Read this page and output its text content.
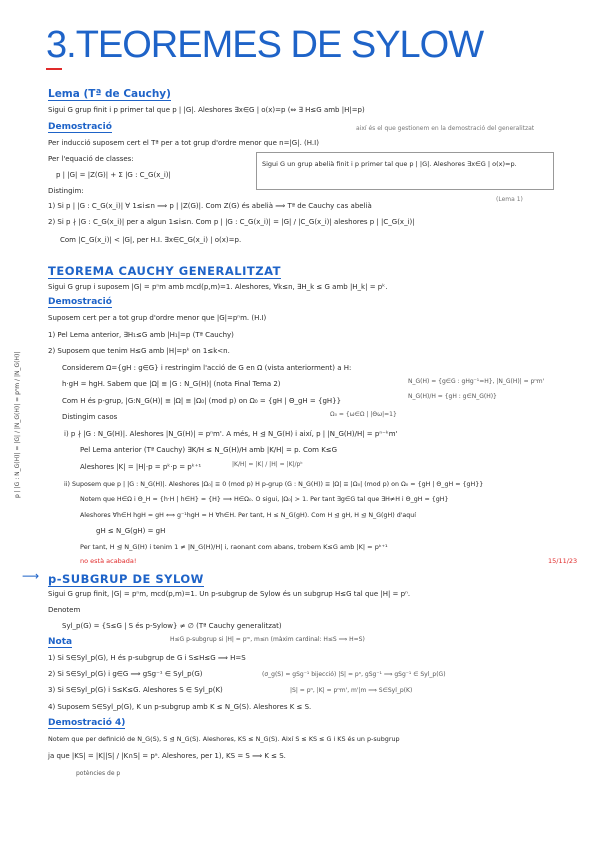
3.TEOREMES DE SYLOW
Lema (Tª de Cauchy)
Sigui G grup finit i p primer tal que p | |G|. Aleshores ∃x∈G | o(x)=p (⇔ ∃ H≤G amb |H|=p)
Demostració	així és el que gestionem en la demostració del generalitzat
Per inducció suposem cert el Tª per a tot grup d'ordre menor que n=|G|. (H.I)
Per l'equació de classes:
p | |G| = |Z(G)| + Σ |G : C_G(x_i)|
Sigui G un grup abelià finit i p primer tal que p | |G|. Aleshores ∃x∈G | o(x)=p.
(Lema 1)
Distingim:
1) Si p | |G : C_G(x_i)| ∀ 1≤i≤n ⟹ p | |Z(G)|. Com Z(G) és abelià ⟹ Tª de Cauchy cas abelià
2) Si p ∤ |G : C_G(x_i)| per a algun 1≤i≤n. Com p | |G : C_G(x_i)| = |G| / |C_G(x_i)| aleshores p | |C_G(x_i)|
Com |C_G(x_i)| < |G|, per H.I. ∃x∈C_G(x_i) | o(x)=p.
TEOREMA CAUCHY GENERALITZAT
Sigui G grup i suposem |G| = pⁿm amb mcd(p,m)=1. Aleshores, ∀k≤n, ∃H_k ≤ G amb |H_k| = pᵏ.
Demostració
Suposem cert per a tot grup d'ordre menor que |G|=pⁿm. (H.I)
1) Pel Lema anterior, ∃H₁≤G amb |H₁|=p (Tª Cauchy)
2) Suposem que tenim H≤G amb |H|=pᵏ on 1≤k<n.
Considerem Ω={gH : g∈G} i restringim l'acció de G en Ω (vista anteriorment) a H:
h·gH = hgH. Sabem que |Ω| ≡ |G : N_G(H)| (nota Final Tema 2)
Com H és p-grup, |G:N_G(H)| ≡ |Ω| ≡ |Ω₀| (mod p) on Ω₀ = {gH | Θ_gH = {gH}}
N_G(H) = {g∈G : gHg⁻¹=H}, |N_G(H)| = pⁿm'
N_G(H)/H = {gH : g∈N_G(H)}
Ω₀ = {ω∈Ω | |Θω|=1}
Distingim casos
i) p ∤ |G : N_G(H)|. Aleshores |N_G(H)| = pⁿm'. A més, H ⊴ N_G(H) i així, p | |N_G(H)/H| = pⁿ⁻ᵏm'
Pel Lema anterior (Tª Cauchy) ∃K/H ≤ N_G(H)/H amb |K/H| = p. Com K≤G
Aleshores |K| = |H|·p = pᵏ·p = pᵏ⁺¹	|K/H| = |K| / |H| = |K|/pᵏ
ii) Suposem que p | |G : N_G(H)|. Aleshores |Ω₀| ≡ 0 (mod p) H p-grup (G : N_G(H)) ≡ |Ω| ≡ |Ω₀| (mod p) on Ω₀ = {gH | Θ_gH = {gH}}
Notem que H∈Ω i Θ_H = {h·H | h∈H} = {H} ⟹ H∈Ω₀. O sigui, |Ω₀| > 1. Per tant ∃g∈G tal que ∃H≠H i Θ_gH = {gH}
Aleshores ∀h∈H hgH = gH ⟺ g⁻¹hgH = H ∀h∈H. Per tant, H ≤ N_G(gH). Com H ⊴ gH, H ⊴ N_G(gH) d'aquí
gH ≤ N_G(gH) = gH
Per tant, H ⊴ N_G(H) i tenim 1 ≠ |N_G(H)/H| i, raonant com abans, trobem K≤G amb |K| = pᵏ⁺¹
no està acabada!	15/11/23
p | |G : N_G(H)| = |G| / |N_G(H)| = pⁿm / |N_G(H)|
⟶ p-SUBGRUP DE SYLOW
Sigui G grup finit, |G| = pⁿm, mcd(p,m)=1. Un p-subgrup de Sylow és un subgrup H≤G tal que |H| = pⁿ.
Denotem
Syl_p(G) = {S≤G | S és p-Sylow} ≠ ∅ (Tª Cauchy generalitzat)
Nota	H≤G p-subgrup si |H| = pᵐ, m≤n (màxim cardinal: H≤S ⟹ H=S)
1) Si S∈Syl_p(G), H és p-subgrup de G i S≤H≤G ⟹ H=S
2) Si S∈Syl_p(G) i g∈G ⟹ gSg⁻¹ ∈ Syl_p(G)	(σ_g(S) = gSg⁻¹ bijecció) |S| = pⁿ, gSg⁻¹ ⟹ gSg⁻¹ ∈ Syl_p(G)
3) Si S∈Syl_p(G) i S≤K≤G. Aleshores S ∈ Syl_p(K)	|S| = pⁿ, |K| = pⁿm', m'|m ⟹ S∈Syl_p(K)
4) Suposem S∈Syl_p(G), K un p-subgrup amb K ≤ N_G(S). Aleshores K ≤ S.
Demostració 4)
Notem que per definició de N_G(S), S ⊴ N_G(S). Aleshores, KS ≤ N_G(S). Així S ≤ KS ≤ G i KS és un p-subgrup
ja que |KS| = |K||S| / |K∩S| = pᵃ. Aleshores, per 1), KS = S ⟹ K ≤ S.
potències de p
